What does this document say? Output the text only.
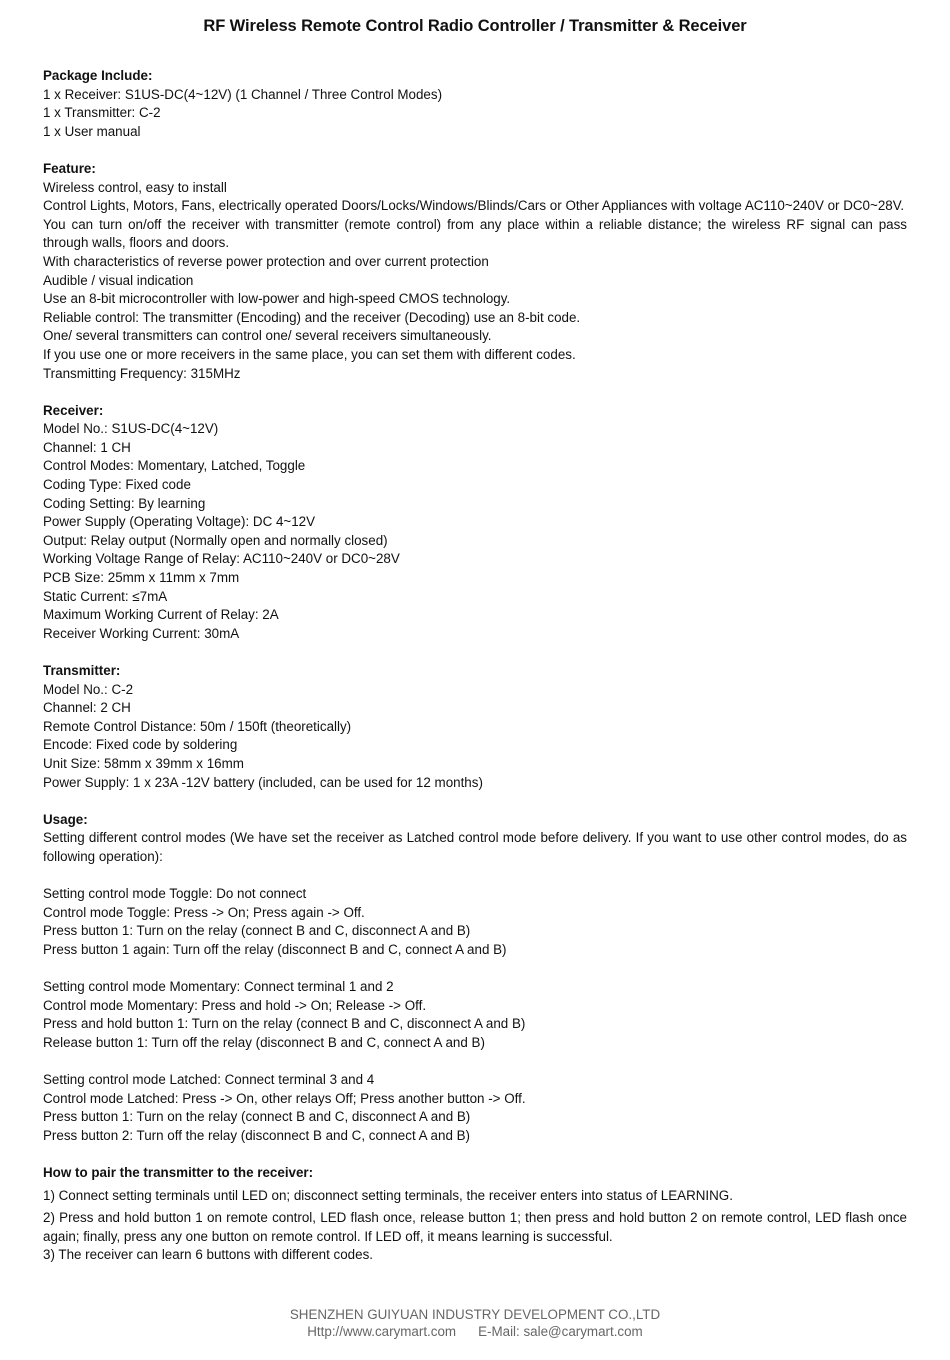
RF Wireless Remote Control Radio Controller / Transmitter & Receiver
Package Include:
1 x Receiver: S1US-DC(4~12V) (1 Channel / Three Control Modes)
1 x Transmitter: C-2
1 x User manual
Feature:
Wireless control, easy to install
Control Lights, Motors, Fans, electrically operated Doors/Locks/Windows/Blinds/Cars or Other Appliances with voltage AC110~240V or DC0~28V.
You can turn on/off the receiver with transmitter (remote control) from any place within a reliable distance; the wireless RF signal can pass through walls, floors and doors.
With characteristics of reverse power protection and over current protection
Audible / visual indication
Use an 8-bit microcontroller with low-power and high-speed CMOS technology.
Reliable control: The transmitter (Encoding) and the receiver (Decoding) use an 8-bit code.
One/ several transmitters can control one/ several receivers simultaneously.
If you use one or more receivers in the same place, you can set them with different codes.
Transmitting Frequency: 315MHz
Receiver:
Model No.: S1US-DC(4~12V)
Channel: 1 CH
Control Modes: Momentary, Latched, Toggle
Coding Type: Fixed code
Coding Setting: By learning
Power Supply (Operating Voltage): DC 4~12V
Output: Relay output (Normally open and normally closed)
Working Voltage Range of Relay: AC110~240V or DC0~28V
PCB Size: 25mm x 11mm x 7mm
Static Current: ≤7mA
Maximum Working Current of Relay: 2A
Receiver Working Current: 30mA
Transmitter:
Model No.: C-2
Channel: 2 CH
Remote Control Distance: 50m / 150ft (theoretically)
Encode: Fixed code by soldering
Unit Size: 58mm x 39mm x 16mm
Power Supply: 1 x 23A -12V battery (included, can be used for 12 months)
Usage:
Setting different control modes (We have set the receiver as Latched control mode before delivery. If you want to use other control modes, do as following operation):
Setting control mode Toggle: Do not connect
Control mode Toggle: Press -> On; Press again -> Off.
Press button 1: Turn on the relay (connect B and C, disconnect A and B)
Press button 1 again: Turn off the relay (disconnect B and C, connect A and B)
Setting control mode Momentary: Connect terminal 1 and 2
Control mode Momentary: Press and hold -> On; Release -> Off.
Press and hold button 1: Turn on the relay (connect B and C, disconnect A and B)
Release button 1: Turn off the relay (disconnect B and C, connect A and B)
Setting control mode Latched: Connect terminal 3 and 4
Control mode Latched: Press -> On, other relays Off; Press another button -> Off.
Press button 1: Turn on the relay (connect B and C, disconnect A and B)
Press button 2: Turn off the relay (disconnect B and C, connect A and B)
How to pair the transmitter to the receiver:
1) Connect setting terminals until LED on; disconnect setting terminals, the receiver enters into status of LEARNING.
2) Press and hold button 1 on remote control, LED flash once, release button 1; then press and hold button 2 on remote control, LED flash once again; finally, press any one button on remote control. If LED off, it means learning is successful.
3) The receiver can learn 6 buttons with different codes.
SHENZHEN GUIYUAN INDUSTRY DEVELOPMENT CO.,LTD
Http://www.carymart.com E-Mail: sale@carymart.com
